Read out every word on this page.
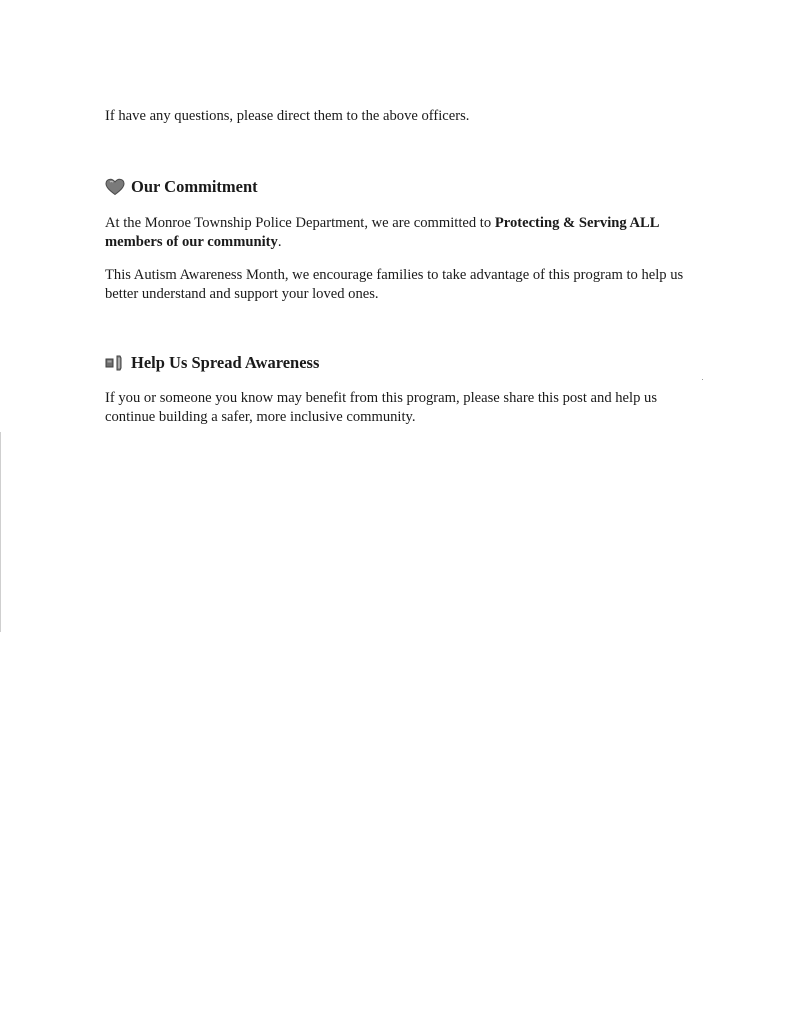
If have any questions, please direct them to the above officers.

Our Commitment

At the Monroe Township Police Department, we are committed to Protecting & Serving ALL members of our community.

This Autism Awareness Month, we encourage families to take advantage of this program to help us better understand and support your loved ones.

Help Us Spread Awareness

If you or someone you know may benefit from this program, please share this post and help us continue building a safer, more inclusive community.
